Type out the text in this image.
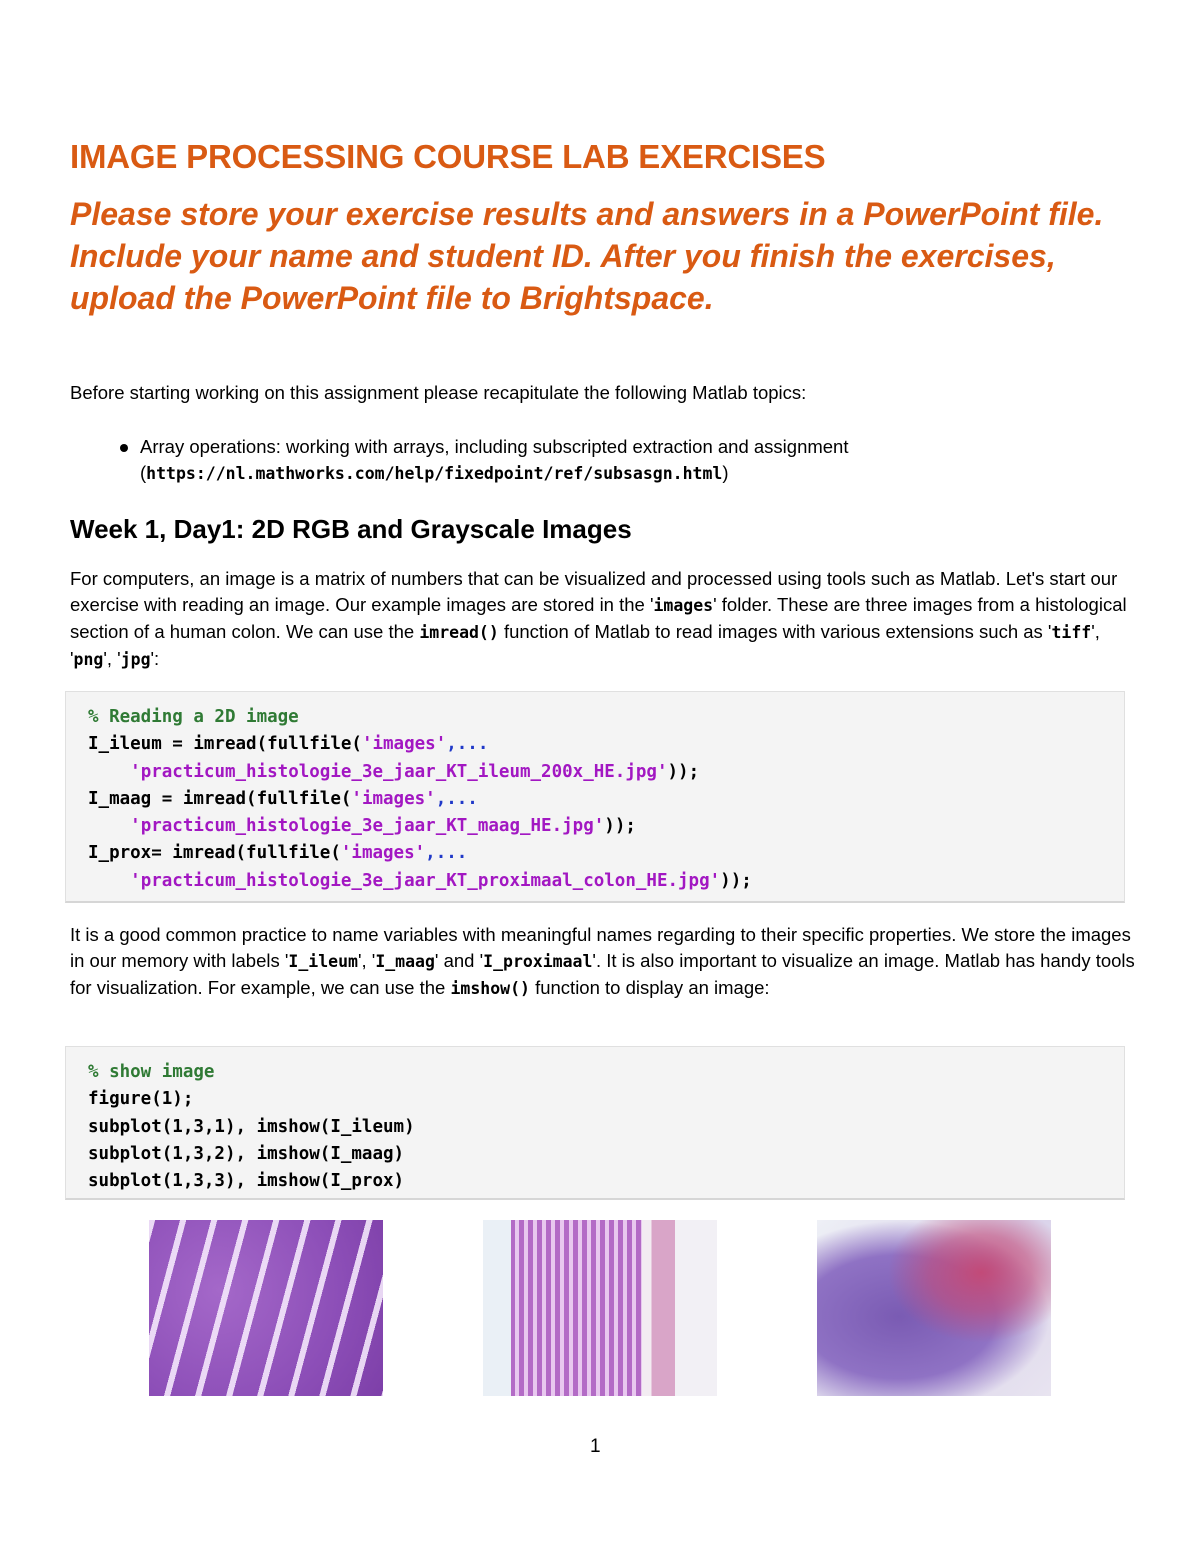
IMAGE PROCESSING COURSE LAB EXERCISES

Please store your exercise results and answers in a PowerPoint file. Include your name and student ID. After you finish the exercises, upload the PowerPoint file to Brightspace.

Before starting working on this assignment please recapitulate the following Matlab topics:

Array operations: working with arrays, including subscripted extraction and assignment
(https://nl.mathworks.com/help/fixedpoint/ref/subsasgn.html)
Week 1, Day1: 2D RGB and Grayscale Images

For computers, an image is a matrix of numbers that can be visualized and processed using tools such as Matlab. Let's start our exercise with reading an image. Our example images are stored in the 'images' folder. These are three images from a histological section of a human colon. We can use the imread() function of Matlab to read images with various extensions such as 'tiff', 'png', 'jpg':

% Reading a 2D image
I_ileum = imread(fullfile('images',...
'practicum_histologie_3e_jaar_KT_ileum_200x_HE.jpg'));
I_maag = imread(fullfile('images',...
'practicum_histologie_3e_jaar_KT_maag_HE.jpg'));
I_prox= imread(fullfile('images',...
'practicum_histologie_3e_jaar_KT_proximaal_colon_HE.jpg'));

It is a good common practice to name variables with meaningful names regarding to their specific properties. We store the images in our memory with labels 'I_ileum', 'I_maag' and 'I_proximaal'. It is also important to visualize an image. Matlab has handy tools for visualization. For example, we can use the imshow() function to display an image:

% show image
figure(1);
subplot(1,3,1), imshow(I_ileum)
subplot(1,3,2), imshow(I_maag)
subplot(1,3,3), imshow(I_prox)
1
